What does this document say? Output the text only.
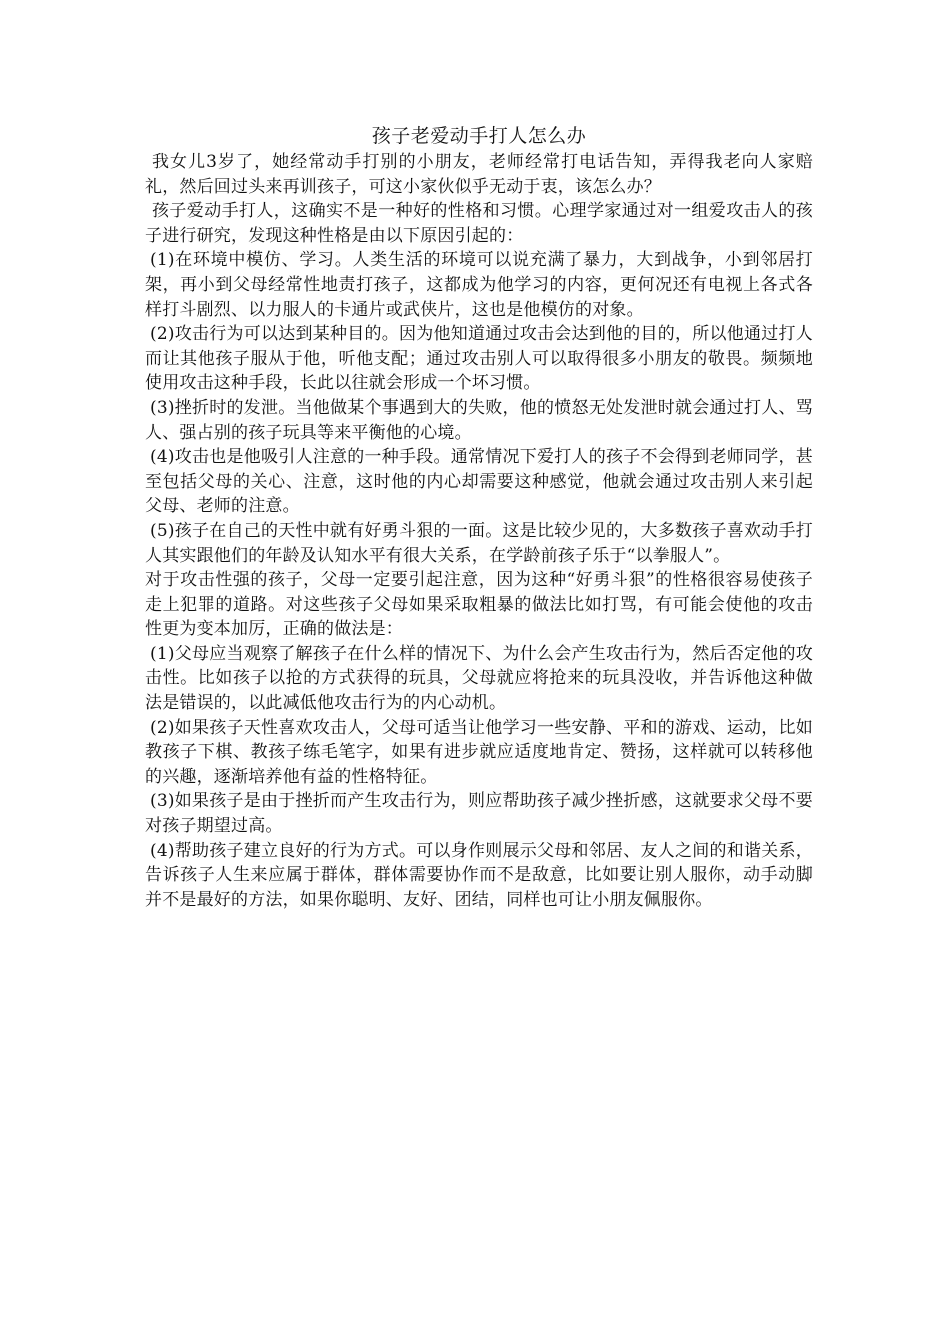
孩子老爱动手打人怎么办

我女儿3岁了，她经常动手打别的小朋友，老师经常打电话告知，弄得我老向人家赔礼，然后回过头来再训孩子，可这小家伙似乎无动于衷，该怎么办？

孩子爱动手打人，这确实不是一种好的性格和习惯。心理学家通过对一组爱攻击人的孩子进行研究，发现这种性格是由以下原因引起的：

(1)在环境中模仿、学习。人类生活的环境可以说充满了暴力，大到战争，小到邻居打架，再小到父母经常性地责打孩子，这都成为他学习的内容，更何况还有电视上各式各样打斗剧烈、以力服人的卡通片或武侠片，这也是他模仿的对象。

(2)攻击行为可以达到某种目的。因为他知道通过攻击会达到他的目的，所以他通过打人而让其他孩子服从于他，听他支配；通过攻击别人可以取得很多小朋友的敬畏。频频地使用攻击这种手段，长此以往就会形成一个坏习惯。

(3)挫折时的发泄。当他做某个事遇到大的失败，他的愤怒无处发泄时就会通过打人、骂人、强占别的孩子玩具等来平衡他的心境。

(4)攻击也是他吸引人注意的一种手段。通常情况下爱打人的孩子不会得到老师同学，甚至包括父母的关心、注意，这时他的内心却需要这种感觉，他就会通过攻击别人来引起父母、老师的注意。

(5)孩子在自己的天性中就有好勇斗狠的一面。这是比较少见的，大多数孩子喜欢动手打人其实跟他们的年龄及认知水平有很大关系，在学龄前孩子乐于“以拳服人”。

对于攻击性强的孩子，父母一定要引起注意，因为这种“好勇斗狠”的性格很容易使孩子走上犯罪的道路。对这些孩子父母如果采取粗暴的做法比如打骂，有可能会使他的攻击性更为变本加厉，正确的做法是：

(1)父母应当观察了解孩子在什么样的情况下、为什么会产生攻击行为，然后否定他的攻击性。比如孩子以抢的方式获得的玩具，父母就应将抢来的玩具没收，并告诉他这种做法是错误的，以此减低他攻击行为的内心动机。

(2)如果孩子天性喜欢攻击人，父母可适当让他学习一些安静、平和的游戏、运动，比如教孩子下棋、教孩子练毛笔字，如果有进步就应适度地肯定、赞扬，这样就可以转移他的兴趣，逐渐培养他有益的性格特征。

(3)如果孩子是由于挫折而产生攻击行为，则应帮助孩子减少挫折感，这就要求父母不要对孩子期望过高。

(4)帮助孩子建立良好的行为方式。可以身作则展示父母和邻居、友人之间的和谐关系，告诉孩子人生来应属于群体，群体需要协作而不是敌意，比如要让别人服你，动手动脚并不是最好的方法，如果你聪明、友好、团结，同样也可让小朋友佩服你。
